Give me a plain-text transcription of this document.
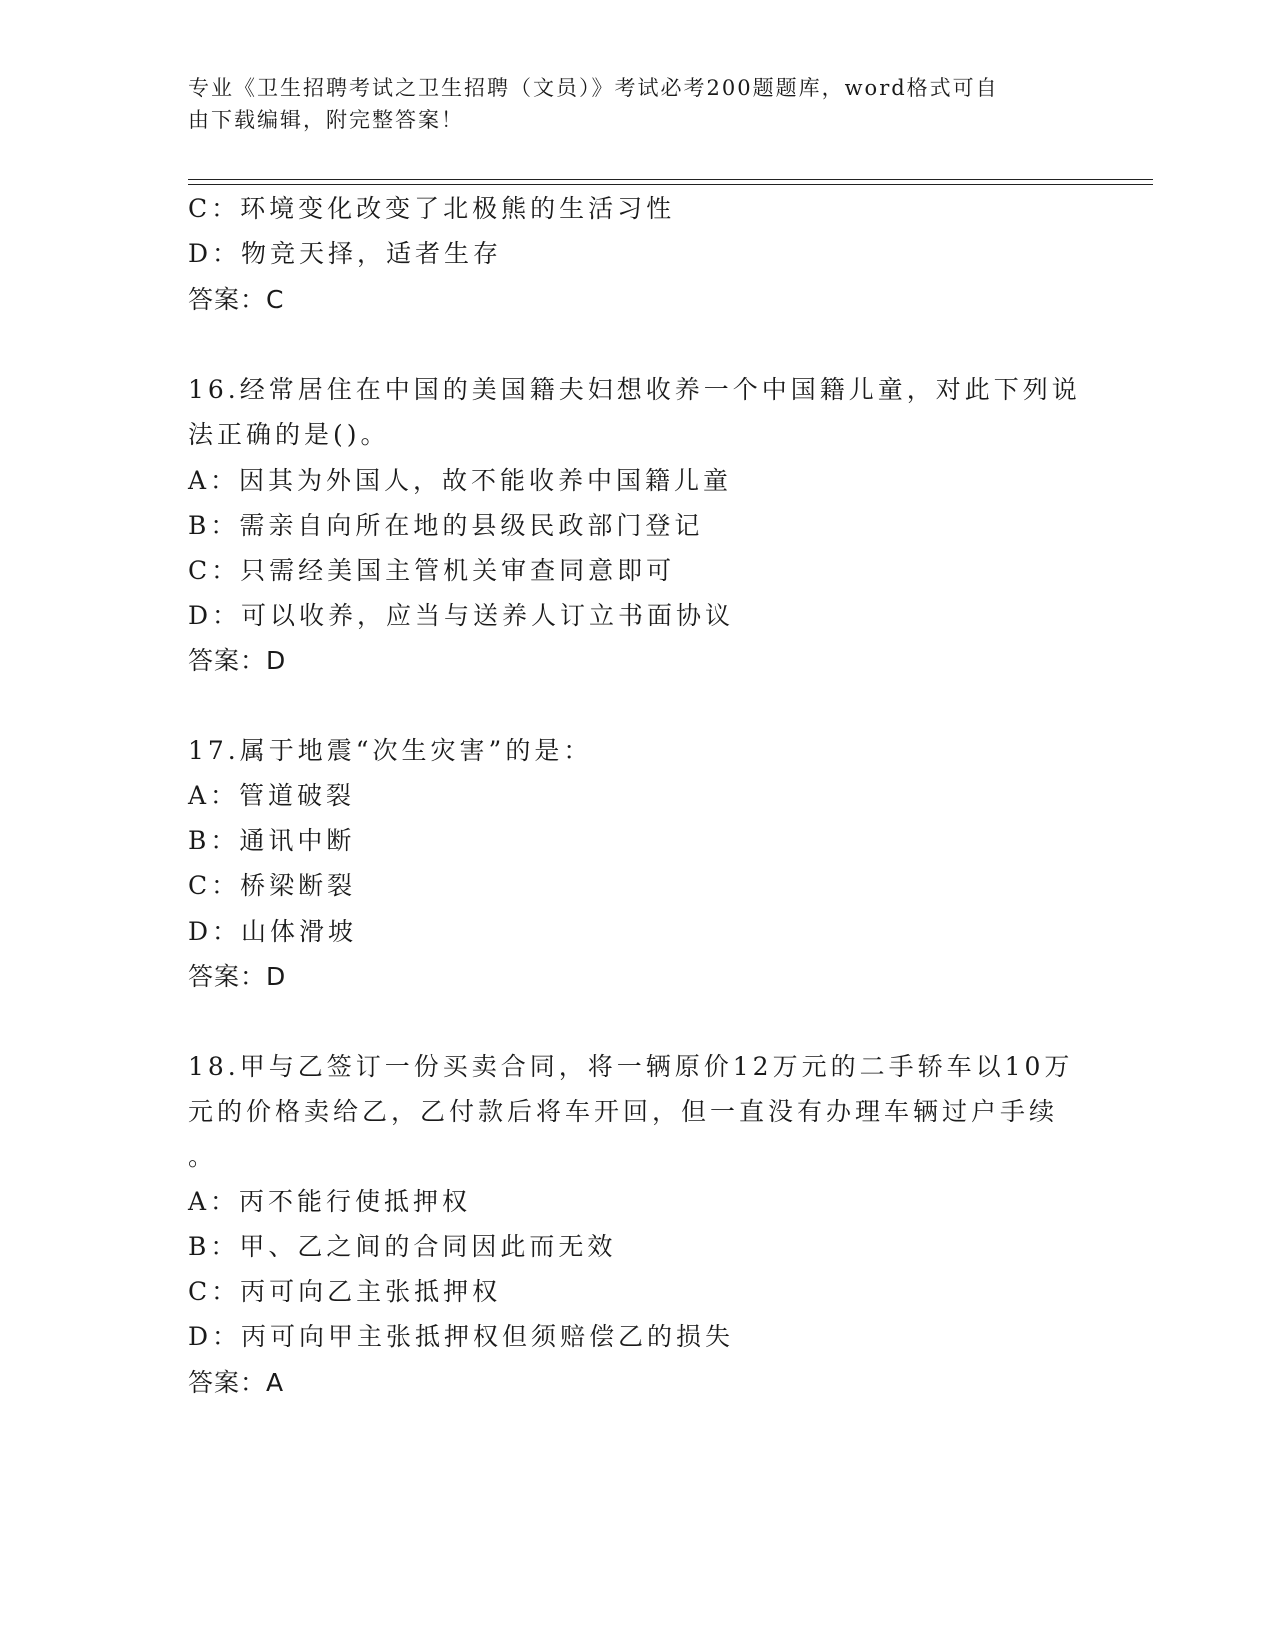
专业《卫生招聘考试之卫生招聘（文员）》考试必考200题题库，word格式可自
由下载编辑，附完整答案！
C：环境变化改变了北极熊的生活习性
D：物竞天择，适者生存
答案：C
16.经常居住在中国的美国籍夫妇想收养一个中国籍儿童，对此下列说
法正确的是()。
A：因其为外国人，故不能收养中国籍儿童
B：需亲自向所在地的县级民政部门登记
C：只需经美国主管机关审查同意即可
D：可以收养，应当与送养人订立书面协议
答案：D
17.属于地震“次生灾害”的是：
A：管道破裂
B：通讯中断
C：桥梁断裂
D：山体滑坡
答案：D
18.甲与乙签订一份买卖合同，将一辆原价12万元的二手轿车以10万
元的价格卖给乙，乙付款后将车开回，但一直没有办理车辆过户手续
。
A：丙不能行使抵押权
B：甲、乙之间的合同因此而无效
C：丙可向乙主张抵押权
D：丙可向甲主张抵押权但须赔偿乙的损失
答案：A
